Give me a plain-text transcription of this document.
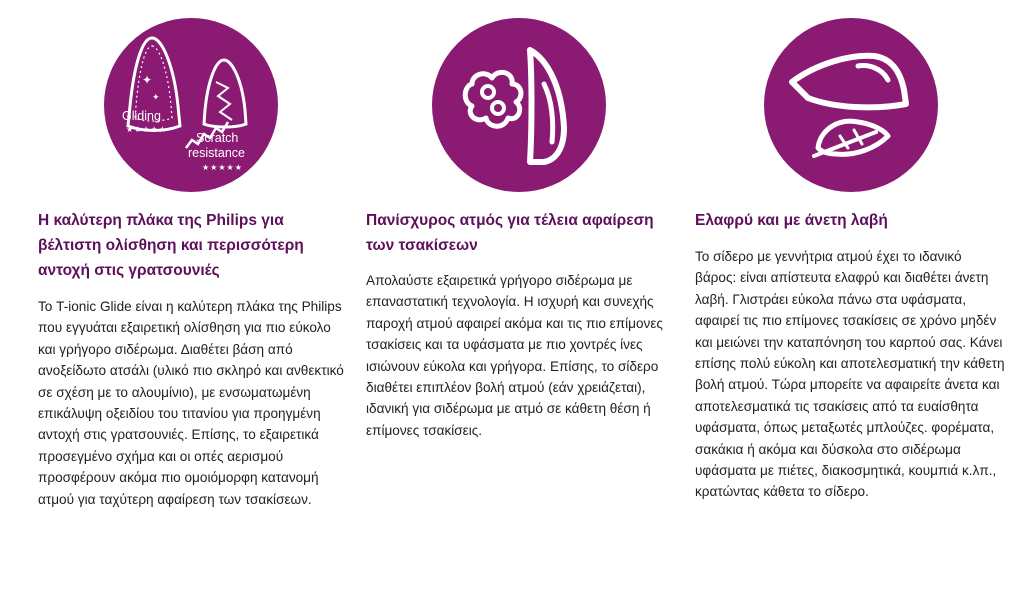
✦
✦
Gliding
★★★★★
Scratch
resistance
★★★★★
Η καλύτερη πλάκα της Philips για βέλτιστη ολίσθηση και περισσότερη αντοχή στις γρατσουνιές

Το T-ionic Glide είναι η καλύτερη πλάκα της Philips που εγγυάται εξαιρετική ολίσθηση για πιο εύκολο και γρήγορο σιδέρωμα. Διαθέτει βάση από ανοξείδωτο ατσάλι (υλικό πιο σκληρό και ανθεκτικό σε σχέση με το αλουμίνιο), με ενσωματωμένη επικάλυψη οξειδίου του τιτανίου για προηγμένη αντοχή στις γρατσουνιές. Επίσης, το εξαιρετικά προσεγμένο σχήμα και οι οπές αερισμού προσφέρουν ακόμα πιο ομοιόμορφη κατανομή ατμού για ταχύτερη αφαίρεση των τσακίσεων.

Πανίσχυρος ατμός για τέλεια αφαίρεση των τσακίσεων

Απολαύστε εξαιρετικά γρήγορο σιδέρωμα με επαναστατική τεχνολογία. Η ισχυρή και συνεχής παροχή ατμού αφαιρεί ακόμα και τις πιο επίμονες τσακίσεις και τα υφάσματα με πιο χοντρές ίνες ισιώνουν εύκολα και γρήγορα. Επίσης, το σίδερο διαθέτει επιπλέον βολή ατμού (εάν χρειάζεται), ιδανική για σιδέρωμα με ατμό σε κάθετη θέση ή επίμονες τσακίσεις.

Ελαφρύ και με άνετη λαβή

Το σίδερο με γεννήτρια ατμού έχει το ιδανικό βάρος: είναι απίστευτα ελαφρύ και διαθέτει άνετη λαβή. Γλιστράει εύκολα πάνω στα υφάσματα, αφαιρεί τις πιο επίμονες τσακίσεις σε χρόνο μηδέν και μειώνει την καταπόνηση του καρπού σας. Κάνει επίσης πολύ εύκολη και αποτελεσματική την κάθετη βολή ατμού. Τώρα μπορείτε να αφαιρείτε άνετα και αποτελεσματικά τις τσακίσεις από τα ευαίσθητα υφάσματα, όπως μεταξωτές μπλούζες. φορέματα, σακάκια ή ακόμα και δύσκολα στο σιδέρωμα υφάσματα με πιέτες, διακοσμητικά, κουμπιά κ.λπ., κρατώντας κάθετα το σίδερο.
